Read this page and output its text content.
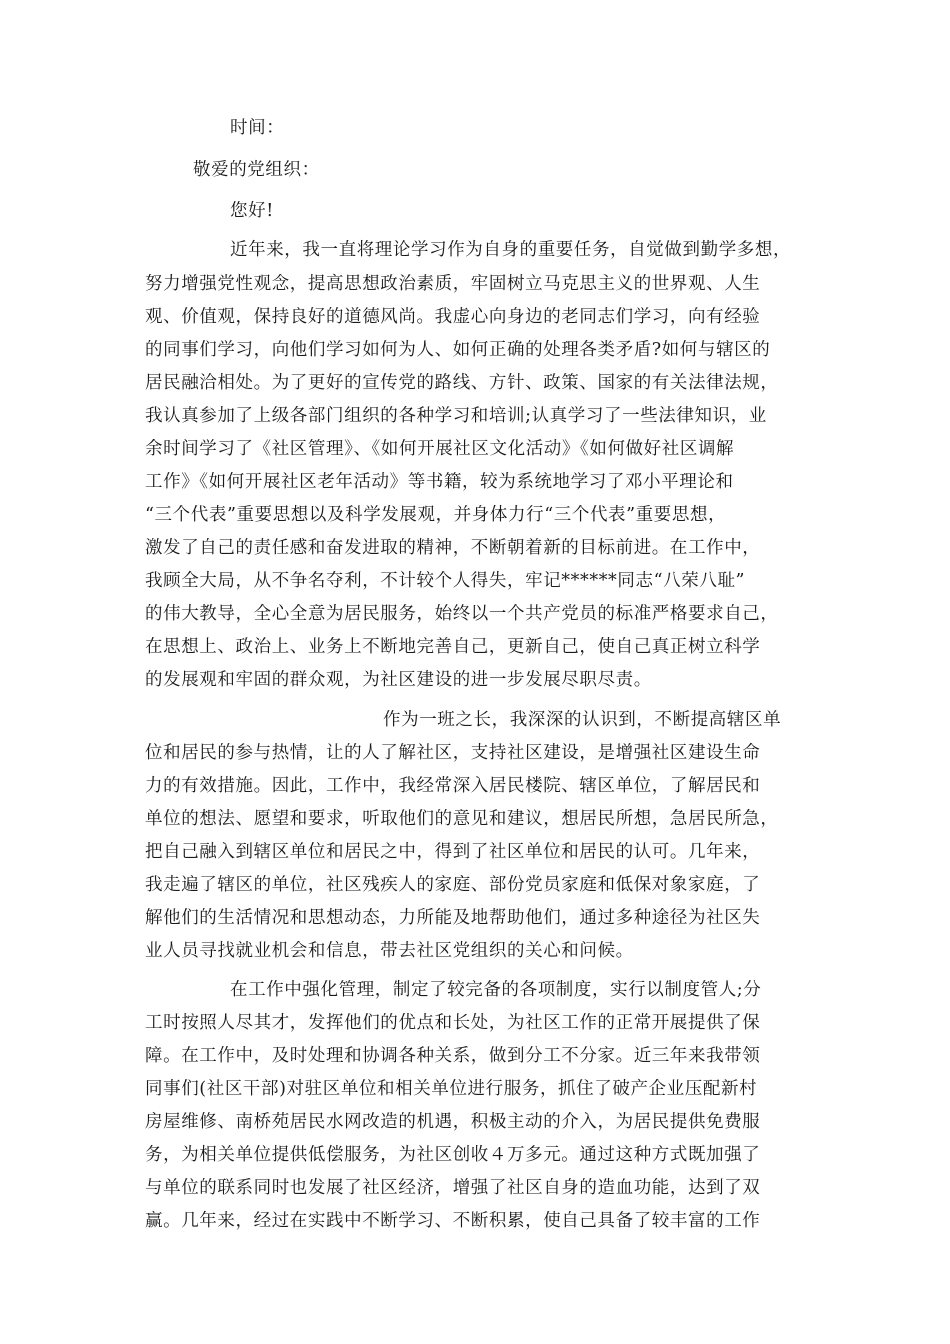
时间：
敬爱的党组织：
您好!
近年来，我一直将理论学习作为自身的重要任务，自觉做到勤学多想，
努力增强党性观念，提高思想政治素质，牢固树立马克思主义的世界观、人生
观、价值观，保持良好的道德风尚。我虚心向身边的老同志们学习，向有经验
的同事们学习，向他们学习如何为人、如何正确的处理各类矛盾?如何与辖区的
居民融洽相处。为了更好的宣传党的路线、方针、政策、国家的有关法律法规，
我认真参加了上级各部门组织的各种学习和培训;认真学习了一些法律知识，业
余时间学习了《社区管理》、《如何开展社区文化活动》《如何做好社区调解
工作》《如何开展社区老年活动》等书籍，较为系统地学习了邓小平理论和
“三个代表”重要思想以及科学发展观，并身体力行“三个代表”重要思想，
激发了自己的责任感和奋发进取的精神，不断朝着新的目标前进。在工作中，
我顾全大局，从不争名夺利，不计较个人得失，牢记******同志“八荣八耻”
的伟大教导，全心全意为居民服务，始终以一个共产党员的标准严格要求自己，
在思想上、政治上、业务上不断地完善自己，更新自己，使自己真正树立科学
的发展观和牢固的群众观，为社区建设的进一步发展尽职尽责。
作为一班之长，我深深的认识到，不断提高辖区单
位和居民的参与热情，让的人了解社区，支持社区建设，是增强社区建设生命
力的有效措施。因此，工作中，我经常深入居民楼院、辖区单位，了解居民和
单位的想法、愿望和要求，听取他们的意见和建议，想居民所想，急居民所急，
把自己融入到辖区单位和居民之中，得到了社区单位和居民的认可。几年来，
我走遍了辖区的单位，社区残疾人的家庭、部份党员家庭和低保对象家庭，了
解他们的生活情况和思想动态，力所能及地帮助他们，通过多种途径为社区失
业人员寻找就业机会和信息，带去社区党组织的关心和问候。
在工作中强化管理，制定了较完备的各项制度，实行以制度管人;分
工时按照人尽其才，发挥他们的优点和长处，为社区工作的正常开展提供了保
障。在工作中，及时处理和协调各种关系，做到分工不分家。近三年来我带领
同事们(社区干部)对驻区单位和相关单位进行服务，抓住了破产企业压配新村
房屋维修、南桥苑居民水网改造的机遇，积极主动的介入，为居民提供免费服
务，为相关单位提供低偿服务，为社区创收４万多元。通过这种方式既加强了
与单位的联系同时也发展了社区经济，增强了社区自身的造血功能，达到了双
赢。几年来，经过在实践中不断学习、不断积累，使自己具备了较丰富的工作
